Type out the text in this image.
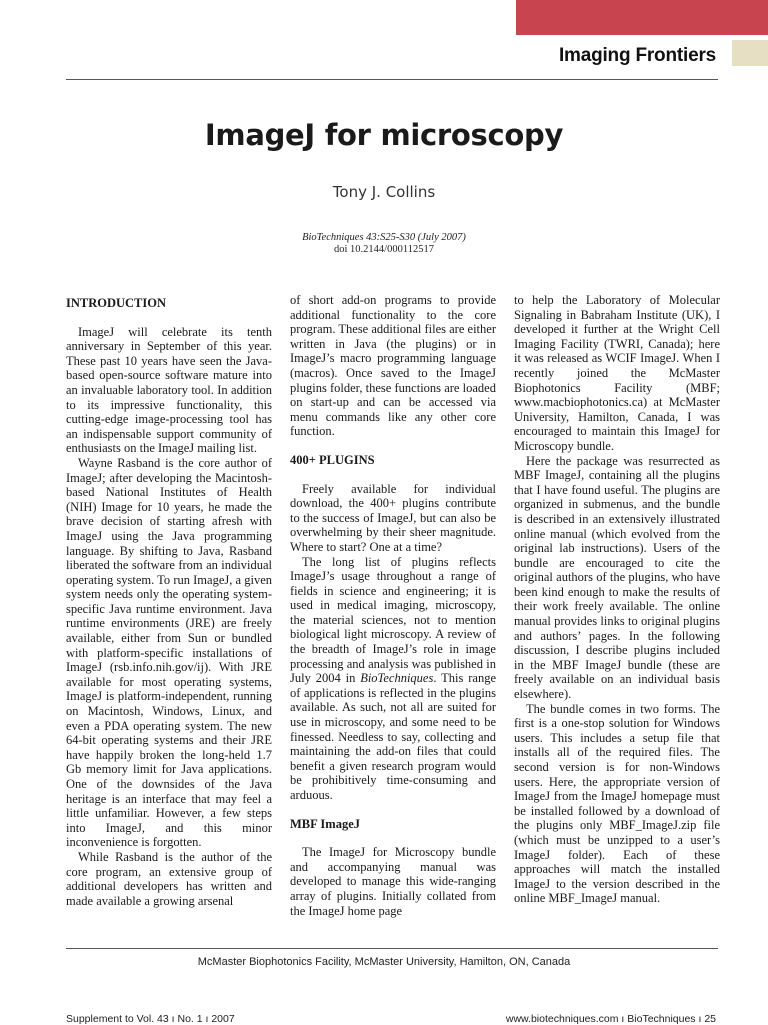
Imaging Frontiers
ImageJ for microscopy
Tony J. Collins
BioTechniques 43:S25-S30 (July 2007)
doi 10.2144/000112517
INTRODUCTION

ImageJ will celebrate its tenth anniversary in September of this year. These past 10 years have seen the Java-based open-source software mature into an invaluable laboratory tool. In addition to its impressive functionality, this cutting-edge image-processing tool has an indispensable support community of enthusiasts on the ImageJ mailing list.

Wayne Rasband is the core author of ImageJ; after developing the Macintosh-based National Institutes of Health (NIH) Image for 10 years, he made the brave decision of starting afresh with ImageJ using the Java programming language. By shifting to Java, Rasband liberated the software from an individual operating system. To run ImageJ, a given system needs only the operating system-specific Java runtime environment. Java runtime environments (JRE) are freely available, either from Sun or bundled with platform-specific installations of ImageJ (rsb.info.nih.gov/ij). With JRE available for most operating systems, ImageJ is platform-independent, running on Macintosh, Windows, Linux, and even a PDA operating system. The new 64-bit operating systems and their JRE have happily broken the long-held 1.7 Gb memory limit for Java applications. One of the downsides of the Java heritage is an interface that may feel a little unfamiliar. However, a few steps into ImageJ, and this minor inconvenience is forgotten.

While Rasband is the author of the core program, an extensive group of additional developers has written and made available a growing arsenal

of short add-on programs to provide additional functionality to the core program. These additional files are either written in Java (the plugins) or in ImageJ’s macro programming language (macros). Once saved to the ImageJ plugins folder, these functions are loaded on start-up and can be accessed via menu commands like any other core function.

400+ PLUGINS

Freely available for individual download, the 400+ plugins contribute to the success of ImageJ, but can also be overwhelming by their sheer magnitude. Where to start? One at a time?

The long list of plugins reflects ImageJ’s usage throughout a range of fields in science and engineering; it is used in medical imaging, microscopy, the material sciences, not to mention biological light microscopy. A review of the breadth of ImageJ’s role in image processing and analysis was published in July 2004 in BioTechniques. This range of applications is reflected in the plugins available. As such, not all are suited for use in microscopy, and some need to be finessed. Needless to say, collecting and maintaining the add-on files that could benefit a given research program would be prohibitively time-consuming and arduous.

MBF ImageJ

The ImageJ for Microscopy bundle and accompanying manual was developed to manage this wide-ranging array of plugins. Initially collated from the ImageJ home page

to help the Laboratory of Molecular Signaling in Babraham Institute (UK), I developed it further at the Wright Cell Imaging Facility (TWRI, Canada); here it was released as WCIF ImageJ. When I recently joined the McMaster Biophotonics Facility (MBF; www.macbiophotonics.ca) at McMaster University, Hamilton, Canada, I was encouraged to maintain this ImageJ for Microscopy bundle.

Here the package was resurrected as MBF ImageJ, containing all the plugins that I have found useful. The plugins are organized in submenus, and the bundle is described in an extensively illustrated online manual (which evolved from the original lab instructions). Users of the bundle are encouraged to cite the original authors of the plugins, who have been kind enough to make the results of their work freely available. The online manual provides links to original plugins and authors’ pages. In the following discussion, I describe plugins included in the MBF ImageJ bundle (these are freely available on an individual basis elsewhere).

The bundle comes in two forms. The first is a one-stop solution for Windows users. This includes a setup file that installs all of the required files. The second version is for non-Windows users. Here, the appropriate version of ImageJ from the ImageJ homepage must be installed followed by a download of the plugins only MBF_ImageJ.zip file (which must be unzipped to a user’s ImageJ folder). Each of these approaches will match the installed ImageJ to the version described in the online MBF_ImageJ manual.

McMaster Biophotonics Facility, McMaster University, Hamilton, ON, Canada
Supplement to Vol. 43 ı No. 1 ı 2007	www.biotechniques.com ı BioTechniques ı 25
